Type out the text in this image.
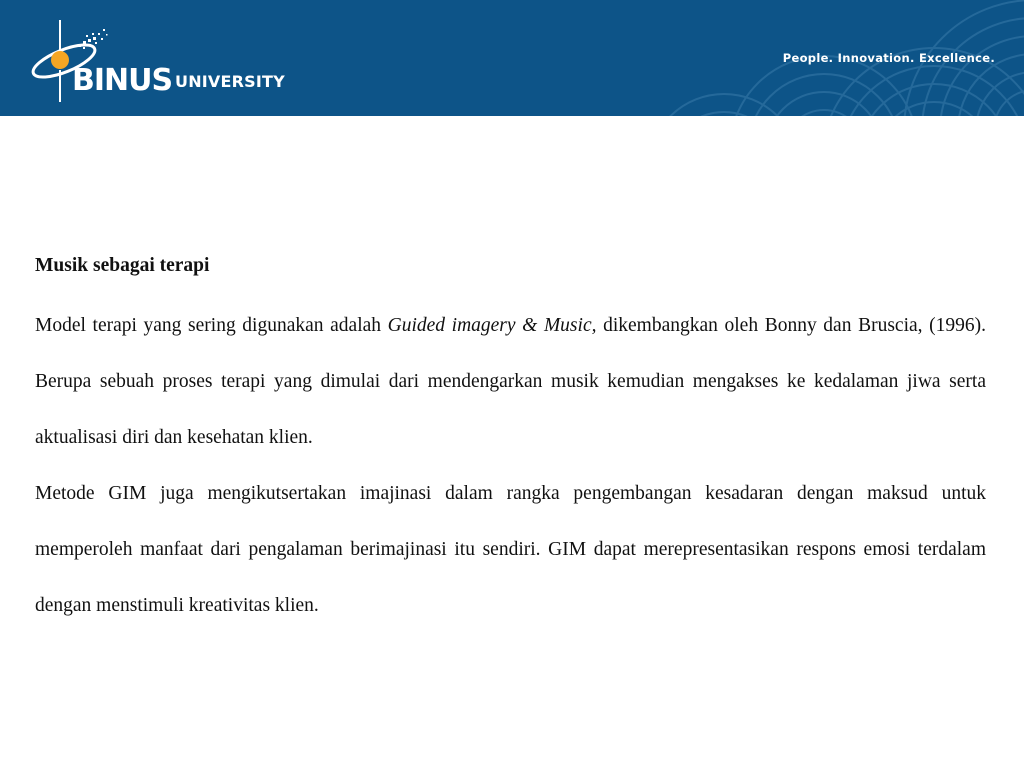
BINUS UNIVERSITY
People. Innovation. Excellence.

Musik sebagai terapi

Model terapi yang sering digunakan adalah Guided imagery & Music, dikembangkan oleh Bonny dan Bruscia, (1996). Berupa sebuah proses terapi yang dimulai dari mendengarkan musik kemudian mengakses ke kedalaman jiwa serta aktualisasi diri dan kesehatan klien.

Metode GIM juga mengikutsertakan imajinasi dalam rangka pengembangan kesadaran dengan maksud untuk memperoleh manfaat dari pengalaman berimajinasi itu sendiri. GIM dapat merepresentasikan respons emosi terdalam dengan menstimuli kreativitas klien.
